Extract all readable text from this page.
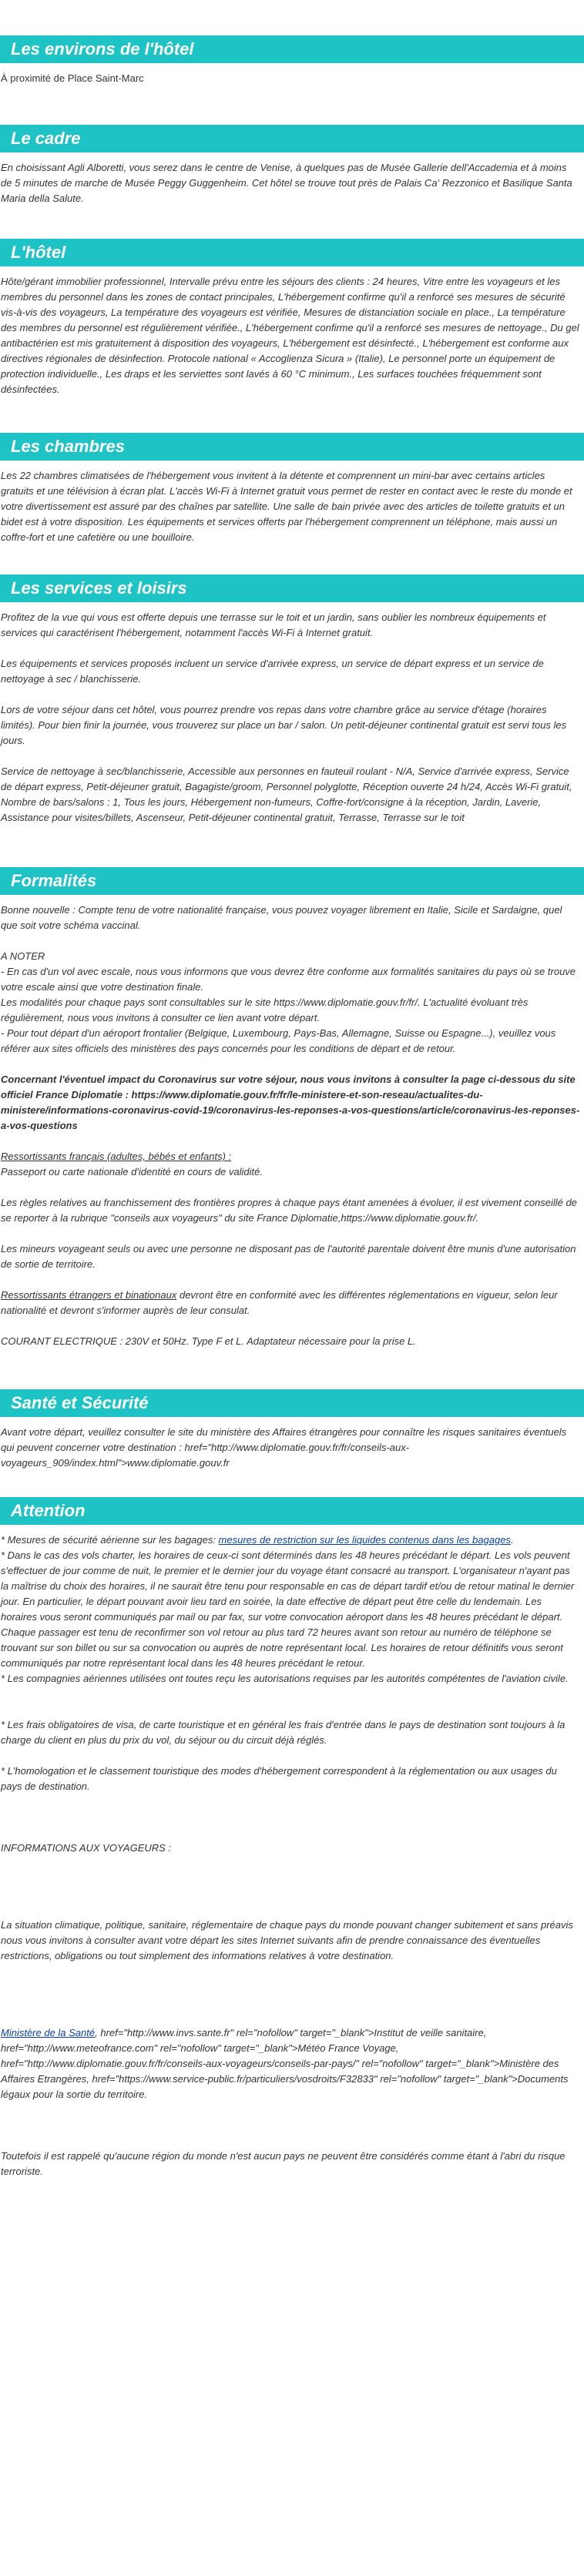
Les environs de l'hôtel

À proximité de Place Saint-Marc

Le cadre

En choisissant Agli Alboretti, vous serez dans le centre de Venise, à quelques pas de Musée Gallerie dell'Accademia et à moins de 5 minutes de marche de Musée Peggy Guggenheim. Cet hôtel se trouve tout près de Palais Ca' Rezzonico et Basilique Santa Maria della Salute.

L'hôtel

Hôte/gérant immobilier professionnel, Intervalle prévu entre les séjours des clients : 24 heures, Vitre entre les voyageurs et les membres du personnel dans les zones de contact principales, L'hébergement confirme qu'il a renforcé ses mesures de sécurité vis-à-vis des voyageurs, La température des voyageurs est vérifiée, Mesures de distanciation sociale en place., La température des membres du personnel est régulièrement vérifiée., L'hébergement confirme qu'il a renforcé ses mesures de nettoyage., Du gel antibactérien est mis gratuitement à disposition des voyageurs, L'hébergement est désinfecté., L'hébergement est conforme aux directives régionales de désinfection. Protocole national « Accoglienza Sicura » (Italie), Le personnel porte un équipement de protection individuelle., Les draps et les serviettes sont lavés à 60 °C minimum., Les surfaces touchées fréquemment sont désinfectées.

Les chambres

Les 22 chambres climatisées de l'hébergement vous invitent à la détente et comprennent un mini-bar avec certains articles gratuits et une télévision à écran plat. L'accès Wi-Fi à Internet gratuit vous permet de rester en contact avec le reste du monde et votre divertissement est assuré par des chaînes par satellite. Une salle de bain privée avec des articles de toilette gratuits et un bidet est à votre disposition. Les équipements et services offerts par l'hébergement comprennent un téléphone, mais aussi un coffre-fort et une cafetière ou une bouilloire.

Les services et loisirs

Profitez de la vue qui vous est offerte depuis une terrasse sur le toit et un jardin, sans oublier les nombreux équipements et services qui caractérisent l'hébergement, notamment l'accès Wi-Fi à Internet gratuit.

Les équipements et services proposés incluent un service d'arrivée express, un service de départ express et un service de nettoyage à sec / blanchisserie.

Lors de votre séjour dans cet hôtel, vous pourrez prendre vos repas dans votre chambre grâce au service d'étage (horaires limités). Pour bien finir la journée, vous trouverez sur place un bar / salon. Un petit-déjeuner continental gratuit est servi tous les jours.

Service de nettoyage à sec/blanchisserie, Accessible aux personnes en fauteuil roulant - N/A, Service d'arrivée express, Service de départ express, Petit-déjeuner gratuit, Bagagiste/groom, Personnel polyglotte, Réception ouverte 24 h/24, Accès Wi-Fi gratuit, Nombre de bars/salons : 1, Tous les jours, Hébergement non-fumeurs, Coffre-fort/consigne à la réception, Jardin, Laverie, Assistance pour visites/billets, Ascenseur, Petit-déjeuner continental gratuit, Terrasse, Terrasse sur le toit

Formalités

Bonne nouvelle : Compte tenu de votre nationalité française, vous pouvez voyager librement en Italie, Sicile et Sardaigne, quel que soit votre schéma vaccinal.

A NOTER

- En cas d'un vol avec escale, nous vous informons que vous devrez être conforme aux formalités sanitaires du pays où se trouve votre escale ainsi que votre destination finale.

Les modalités pour chaque pays sont consultables sur le site https://www.diplomatie.gouv.fr/fr/. L'actualité évoluant très régulièrement, nous vous invitons à consulter ce lien avant votre départ.

- Pour tout départ d'un aéroport frontalier (Belgique, Luxembourg, Pays-Bas, Allemagne, Suisse ou Espagne...), veuillez vous référer aux sites officiels des ministères des pays concernés pour les conditions de départ et de retour.

Concernant l'éventuel impact du Coronavirus sur votre séjour, nous vous invitons à consulter la page ci-dessous du site officiel France Diplomatie : https://www.diplomatie.gouv.fr/fr/le-ministere-et-son-reseau/actualites-du-ministere/informations-coronavirus-covid-19/coronavirus-les-reponses-a-vos-questions/article/coronavirus-les-reponses-a-vos-questions

Ressortissants français (adultes, bébés et enfants) :

Passeport ou carte nationale d'identité en cours de validité.

Les règles relatives au franchissement des frontières propres à chaque pays étant amenées à évoluer, il est vivement conseillé de se reporter à la rubrique "conseils aux voyageurs" du site France Diplomatie,https://www.diplomatie.gouv.fr/.

Les mineurs voyageant seuls ou avec une personne ne disposant pas de l'autorité parentale doivent être munis d'une autorisation de sortie de territoire.

Ressortissants étrangers et binationaux devront être en conformité avec les différentes réglementations en vigueur, selon leur nationalité et devront s'informer auprès de leur consulat.

COURANT ELECTRIQUE : 230V et 50Hz. Type F et L. Adaptateur nécessaire pour la prise L.

Santé et Sécurité

Avant votre départ, veuillez consulter le site du ministère des Affaires étrangères pour connaître les risques sanitaires éventuels qui peuvent concerner votre destination : href="http://www.diplomatie.gouv.fr/fr/conseils-aux-voyageurs_909/index.html">www.diplomatie.gouv.fr

Attention

* Mesures de sécurité aérienne sur les bagages: mesures de restriction sur les liquides contenus dans les bagages.

* Dans le cas des vols charter, les horaires de ceux-ci sont déterminés dans les 48 heures précédant le départ. Les vols peuvent s'effectuer de jour comme de nuit, le premier et le dernier jour du voyage étant consacré au transport. L'organisateur n'ayant pas la maîtrise du choix des horaires, il ne saurait être tenu pour responsable en cas de départ tardif et/ou de retour matinal le dernier jour. En particulier, le départ pouvant avoir lieu tard en soirée, la date effective de départ peut être celle du lendemain. Les horaires vous seront communiqués par mail ou par fax, sur votre convocation aéroport dans les 48 heures précédant le départ. Chaque passager est tenu de reconfirmer son vol retour au plus tard 72 heures avant son retour au numéro de téléphone se trouvant sur son billet ou sur sa convocation ou auprès de notre représentant local. Les horaires de retour définitifs vous seront communiqués par notre représentant local dans les 48 heures précédant le retour.

* Les compagnies aériennes utilisées ont toutes reçu les autorisations requises par les autorités compétentes de l'aviation civile.

* Les frais obligatoires de visa, de carte touristique et en général les frais d'entrée dans le pays de destination sont toujours à la charge du client en plus du prix du vol, du séjour ou du circuit déjà réglés.

* L'homologation et le classement touristique des modes d'hébergement correspondent à la réglementation ou aux usages du pays de destination.

INFORMATIONS AUX VOYAGEURS :

La situation climatique, politique, sanitaire, réglementaire de chaque pays du monde pouvant changer subitement et sans préavis

nous vous invitons à consulter avant votre départ les sites Internet suivants afin de prendre connaissance des éventuelles restrictions, obligations ou tout simplement des informations relatives à votre destination.

Ministère de la Santé, href="http://www.invs.sante.fr" rel="nofollow" target="_blank">Institut de veille sanitaire, href="http://www.meteofrance.com" rel="nofollow" target="_blank">Météo France Voyage, href="http://www.diplomatie.gouv.fr/fr/conseils-aux-voyageurs/conseils-par-pays/" rel="nofollow" target="_blank">Ministère des Affaires Etrangères, href="https://www.service-public.fr/particuliers/vosdroits/F32833" rel="nofollow" target="_blank">Documents légaux pour la sortie du territoire.

Toutefois il est rappelé qu'aucune région du monde n'est aucun pays ne peuvent être considérés comme étant à l'abri du risque terroriste.
